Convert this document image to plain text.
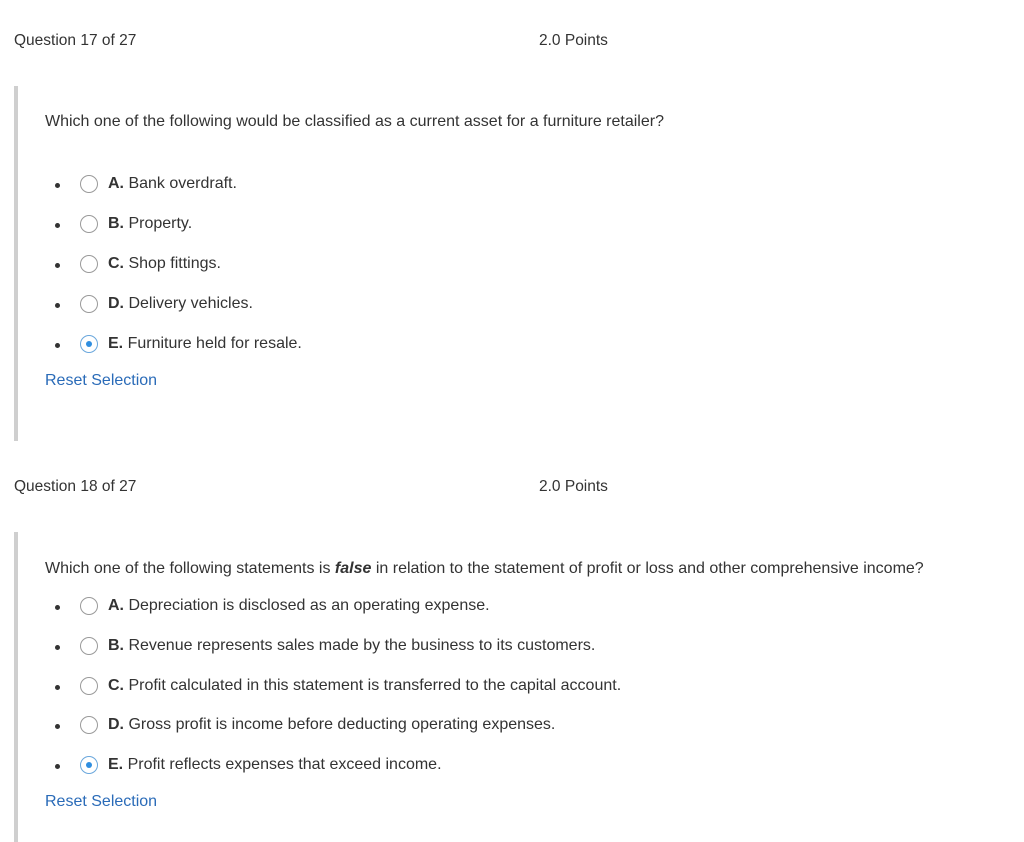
Question 17 of 27	2.0 Points
Which one of the following would be classified as a current asset for a furniture retailer?
A. Bank overdraft.
B. Property.
C. Shop fittings.
D. Delivery vehicles.
E. Furniture held for resale.
Reset Selection
Question 18 of 27	2.0 Points
Which one of the following statements is false in relation to the statement of profit or loss and other comprehensive income?
A. Depreciation is disclosed as an operating expense.
B. Revenue represents sales made by the business to its customers.
C. Profit calculated in this statement is transferred to the capital account.
D. Gross profit is income before deducting operating expenses.
E. Profit reflects expenses that exceed income.
Reset Selection
